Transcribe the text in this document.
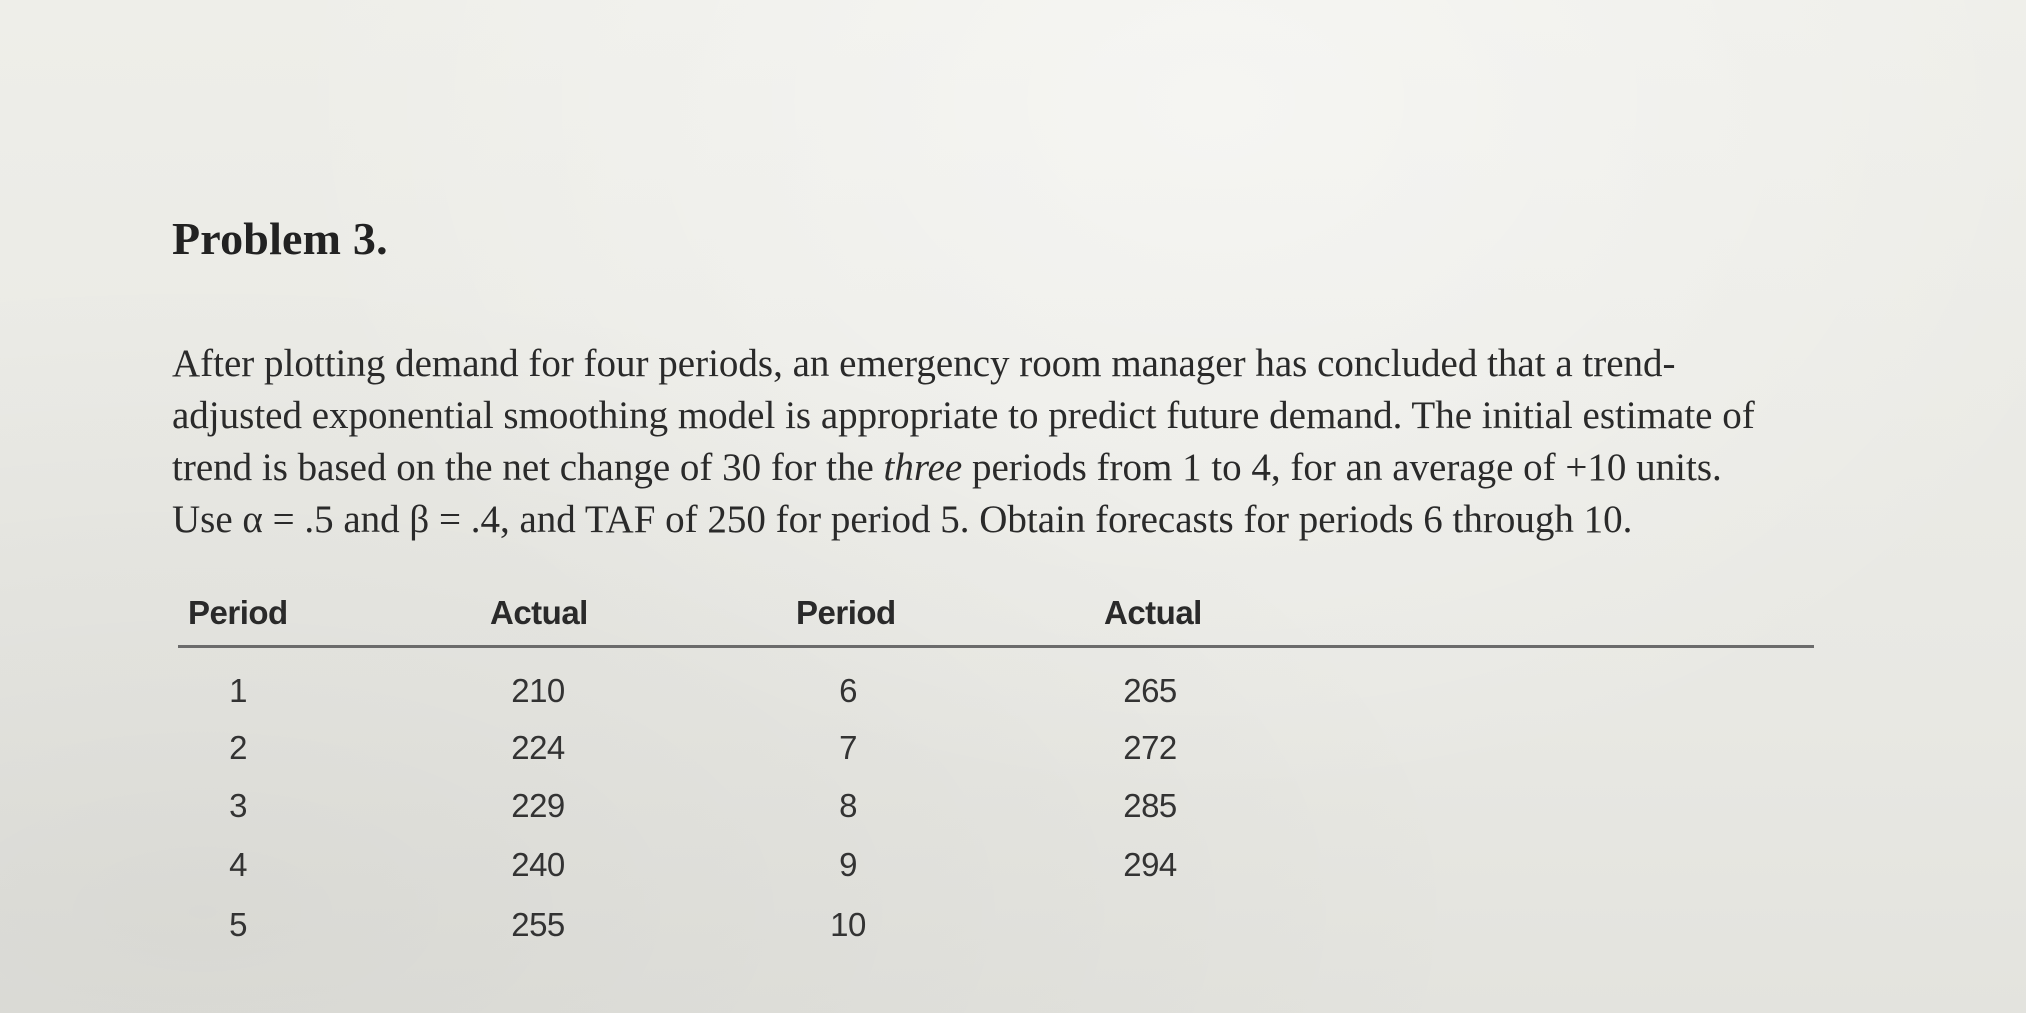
Problem 3.

After plotting demand for four periods, an emergency room manager has concluded that a trend-
adjusted exponential smoothing model is appropriate to predict future demand. The initial estimate of
trend is based on the net change of 30 for the three periods from 1 to 4, for an average of +10 units.
Use α = .5 and β = .4, and TAF of 250 for period 5. Obtain forecasts for periods 6 through 10.

Period	Actual	Period	Actual
1	210	6	265
2	224	7	272
3	229	8	285
4	240	9	294
5	255	10
